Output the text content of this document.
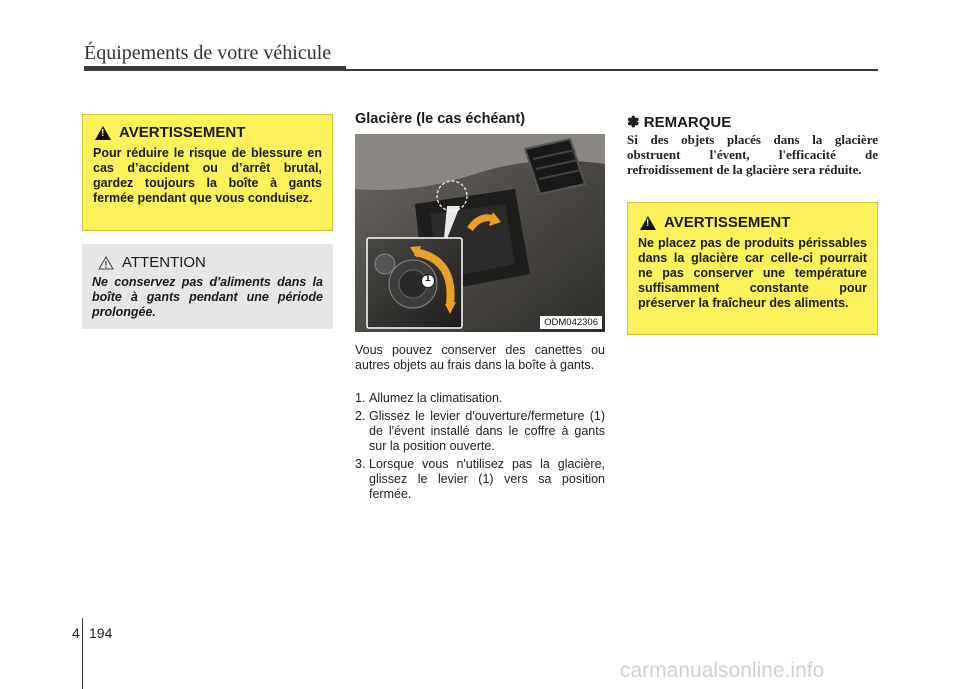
Équipements de votre véhicule
!
AVERTISSEMENT
Pour réduire le risque de blessure en cas d’accident ou d’arrêt brutal, gardez toujours la boîte à gants fermée pendant que vous conduisez.
ATTENTION
Ne conservez pas d'aliments dans la boîte à gants pendant une période prolongée.
Glacière (le cas échéant)
1
ODM042306
Vous pouvez conserver des canettes ou autres objets au frais dans la boîte à gants.
1. Allumez la climatisation.
2. Glissez le levier d'ouverture/fermeture (1) de l'évent installé dans le coffre à gants sur la position ouverte.
3. Lorsque vous n'utilisez pas la glacière, glissez le levier (1) vers sa position fermée.
✽ REMARQUE
Si des objets placés dans la glacière obstruent l'évent, l'efficacité de refroidissement de la glacière sera réduite.
!
AVERTISSEMENT
Ne placez pas de produits périssables dans la glacière car celle-ci pourrait ne pas conserver une température suffisamment constante pour préserver la fraîcheur des aliments.
4 194
carmanualsonline.info
